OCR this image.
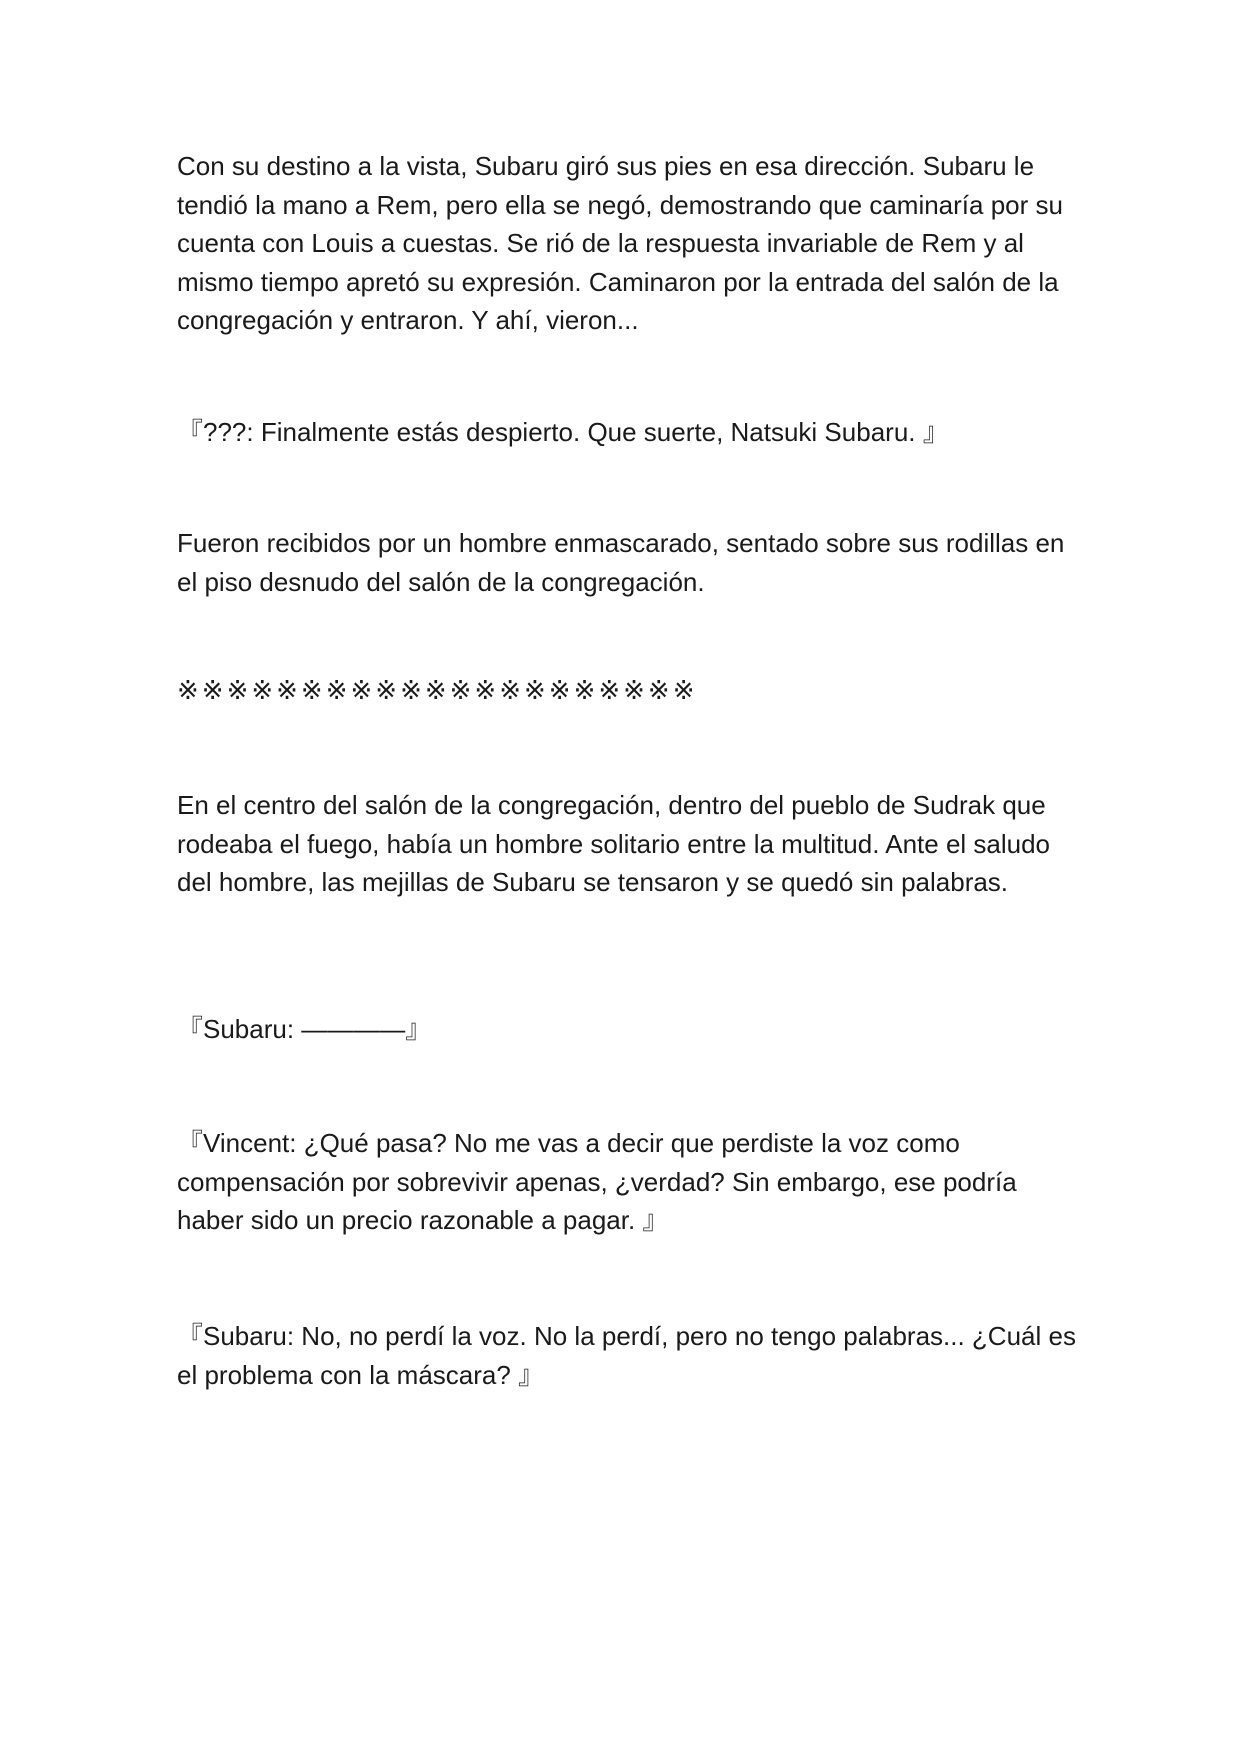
Con su destino a la vista, Subaru giró sus pies en esa dirección. Subaru le tendió la mano a Rem, pero ella se negó, demostrando que caminaría por su cuenta con Louis a cuestas. Se rió de la respuesta invariable de Rem y al mismo tiempo apretó su expresión. Caminaron por la entrada del salón de la congregación y entraron. Y ahí, vieron...

『???: Finalmente estás despierto. Que suerte, Natsuki Subaru. 』

Fueron recibidos por un hombre enmascarado, sentado sobre sus rodillas en el piso desnudo del salón de la congregación.

※※※※※※※※※※※※※※※※※※※※※

En el centro del salón de la congregación, dentro del pueblo de Sudrak que rodeaba el fuego, había un hombre solitario entre la multitud. Ante el saludo del hombre, las mejillas de Subaru se tensaron y se quedó sin palabras.

『Subaru: ————』

『Vincent: ¿Qué pasa? No me vas a decir que perdiste la voz como compensación por sobrevivir apenas, ¿verdad? Sin embargo, ese podría haber sido un precio razonable a pagar. 』

『Subaru: No, no perdí la voz. No la perdí, pero no tengo palabras... ¿Cuál es el problema con la máscara? 』
